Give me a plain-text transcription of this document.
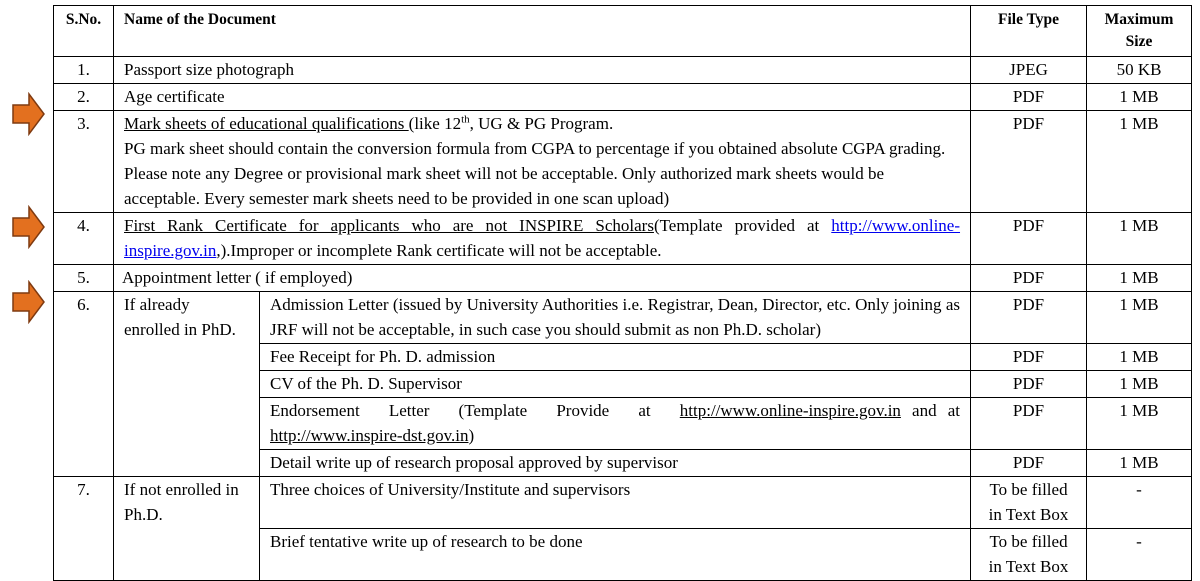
S.No.	Name of the Document		File Type	Maximum Size
1.	Passport size photograph		JPEG	50 KB
2.	Age certificate		PDF	1 MB
3.	Mark sheets of educational qualifications (like 12th, UG & PG Program.
PG mark sheet should contain the conversion formula from CGPA to percentage if you obtained absolute CGPA grading. Please note any Degree or provisional mark sheet will not be acceptable. Only authorized mark sheets would be acceptable. Every semester mark sheets need to be provided in one scan upload)		PDF	1 MB
4.	First Rank Certificate for applicants who are not INSPIRE Scholars(Template provided at http://www.online-inspire.gov.in,).Improper or incomplete Rank certificate will not be acceptable.		PDF	1 MB
5.	Appointment letter ( if employed)		PDF	1 MB
6.	If already enrolled in PhD.	Admission Letter (issued by University Authorities i.e. Registrar, Dean, Director, etc. Only joining as JRF will not be acceptable, in such case you should submit as non Ph.D. scholar)	PDF	1 MB
		Fee Receipt for Ph. D. admission	PDF	1 MB
		CV of the Ph. D. Supervisor	PDF	1 MB
		Endorsement Letter (Template Provide at http://www.online-inspire.gov.in and at http://www.inspire-dst.gov.in)	PDF	1 MB
		Detail write up of research proposal approved by supervisor	PDF	1 MB
7.	If not enrolled in Ph.D.	Three choices of University/Institute and supervisors	To be filled in Text Box	-
		Brief tentative write up of research to be done	To be filled in Text Box	-
